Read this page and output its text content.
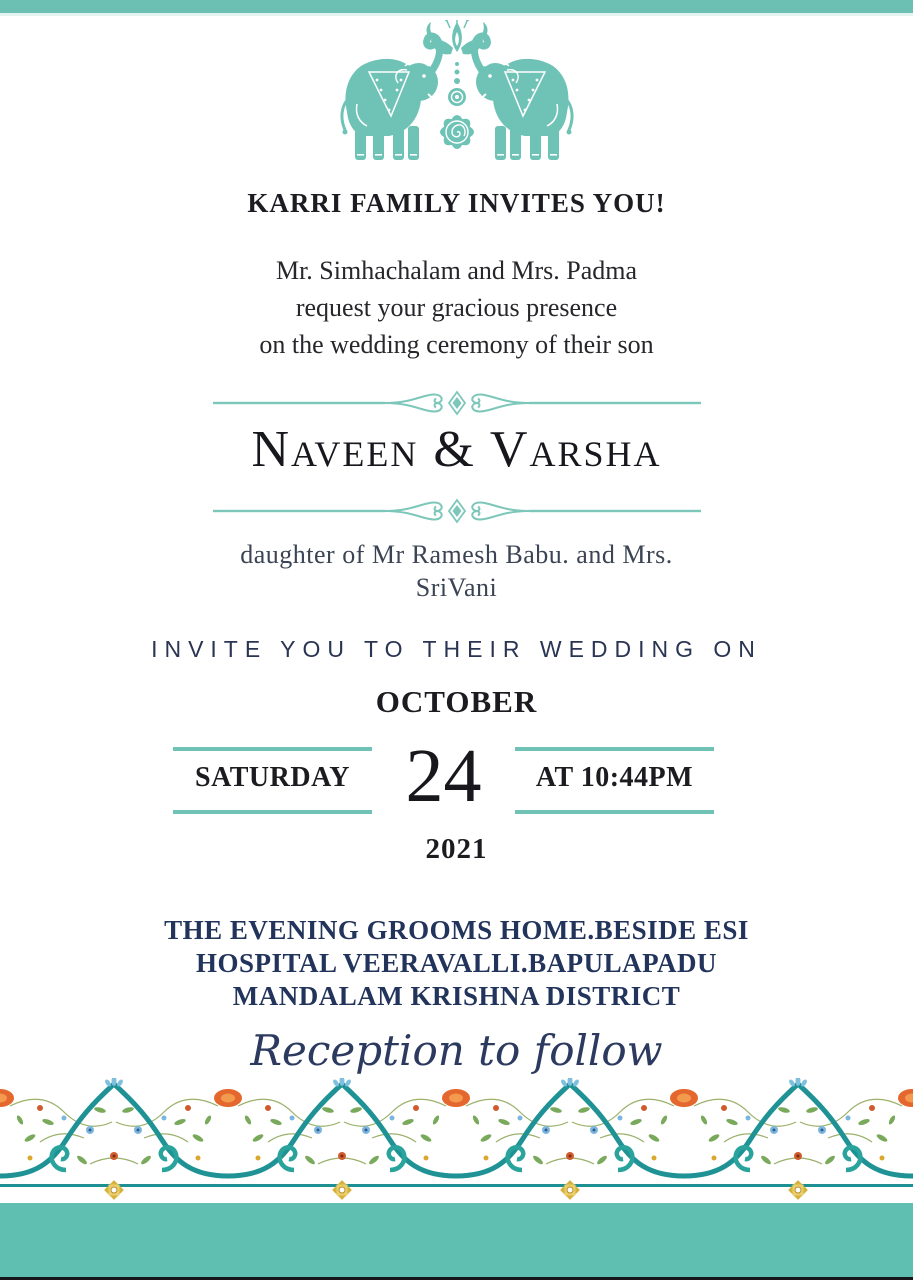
KARRI FAMILY INVITES YOU!
Mr. Simhachalam and Mrs. Padma
request your gracious presence
on the wedding ceremony of their son
Naveen & Varsha
daughter of Mr Ramesh Babu. and Mrs.
SriVani
INVITE YOU TO THEIR WEDDING ON
OCTOBER
SATURDAY 24	AT 10:44PM
2021
THE EVENING GROOMS HOME.BESIDE ESI
HOSPITAL VEERAVALLI.BAPULAPADU
MANDALAM KRISHNA DISTRICT
Reception to follow
